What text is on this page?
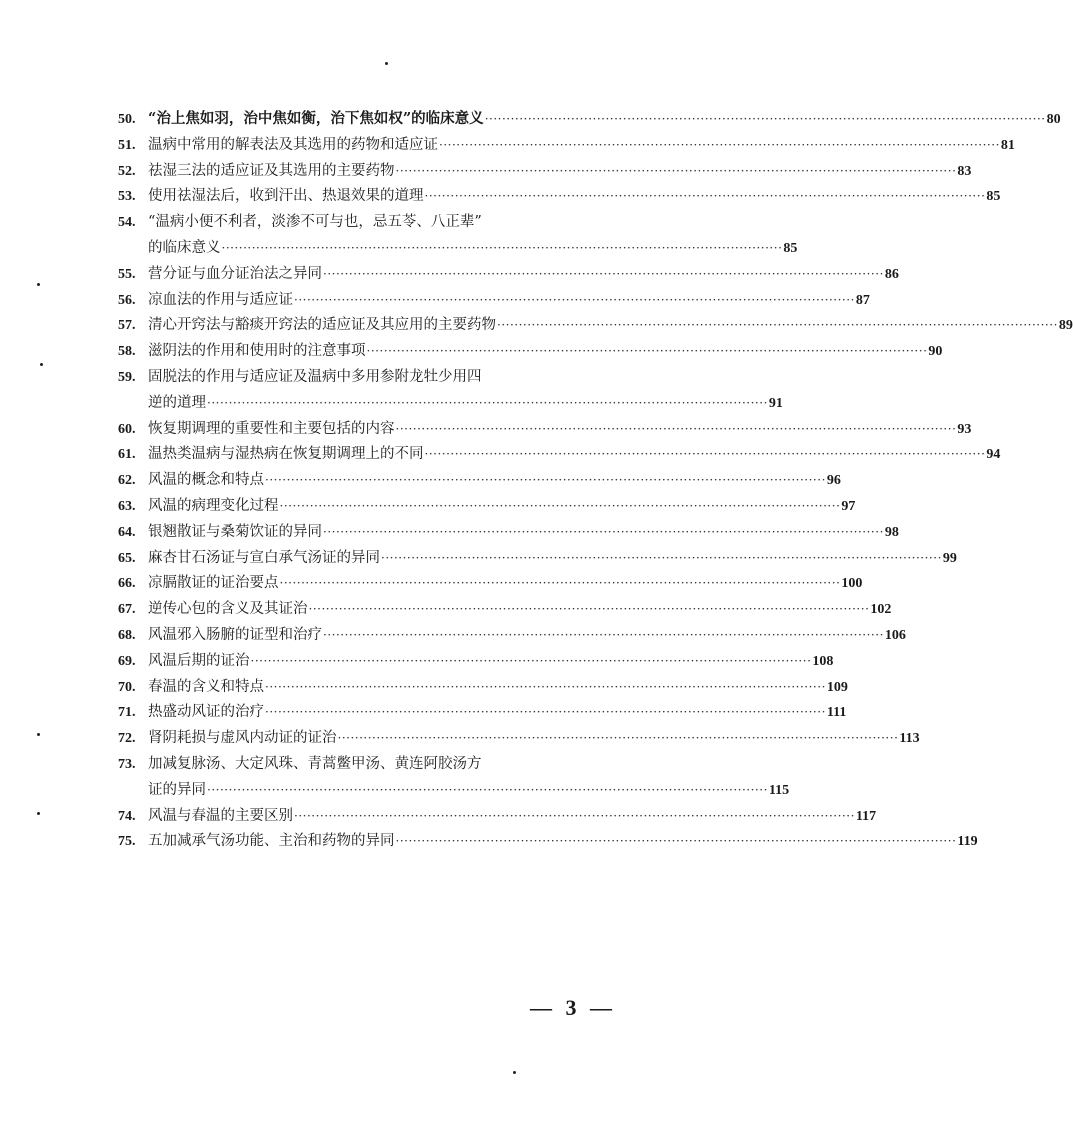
50. “治上焦如羽，治中焦如衡，治下焦如权”的临床意义 ·····	80
51. 温病中常用的解表法及其选用的药物和适应证 ·····	81
52. 祛湿三法的适应证及其选用的主要药物 ·····	83
53. 使用祛湿法后，收到汗出、热退效果的道理 ·····	85
54. “温病小便不利者，淡渗不可与也，忌五苓、八正辈”
的临床意义 ·····	85
55. 营分证与血分证治法之异同 ·····	86
56. 凉血法的作用与适应证 ·····	87
57. 清心开窍法与豁痰开窍法的适应证及其应用的主要药物 ·····	89
58. 滋阴法的作用和使用时的注意事项 ·····	90
59. 固脱法的作用与适应证及温病中多用参附龙牡少用四
逆的道理 ·····	91
60. 恢复期调理的重要性和主要包括的内容 ·····	93
61. 温热类温病与湿热病在恢复期调理上的不同 ·····	94
62. 风温的概念和特点 ·····	96
63. 风温的病理变化过程 ·····	97
64. 银翘散证与桑菊饮证的异同 ·····	98
65. 麻杏甘石汤证与宣白承气汤证的异同 ·····	99
66. 凉膈散证的证治要点 ·····	100
67. 逆传心包的含义及其证治 ·····	102
68. 风温邪入肠腑的证型和治疗 ·····	106
69. 风温后期的证治 ·····	108
70. 春温的含义和特点 ·····	109
71. 热盛动风证的治疗 ·····	111
72. 肾阴耗损与虚风内动证的证治 ·····	113
73. 加减复脉汤、大定风珠、青蒿鳖甲汤、黄连阿胶汤方
证的异同 ·····	115
74. 风温与春温的主要区别 ·····	117
75. 五加减承气汤功能、主治和药物的异同 ·····	119
— 3 —
